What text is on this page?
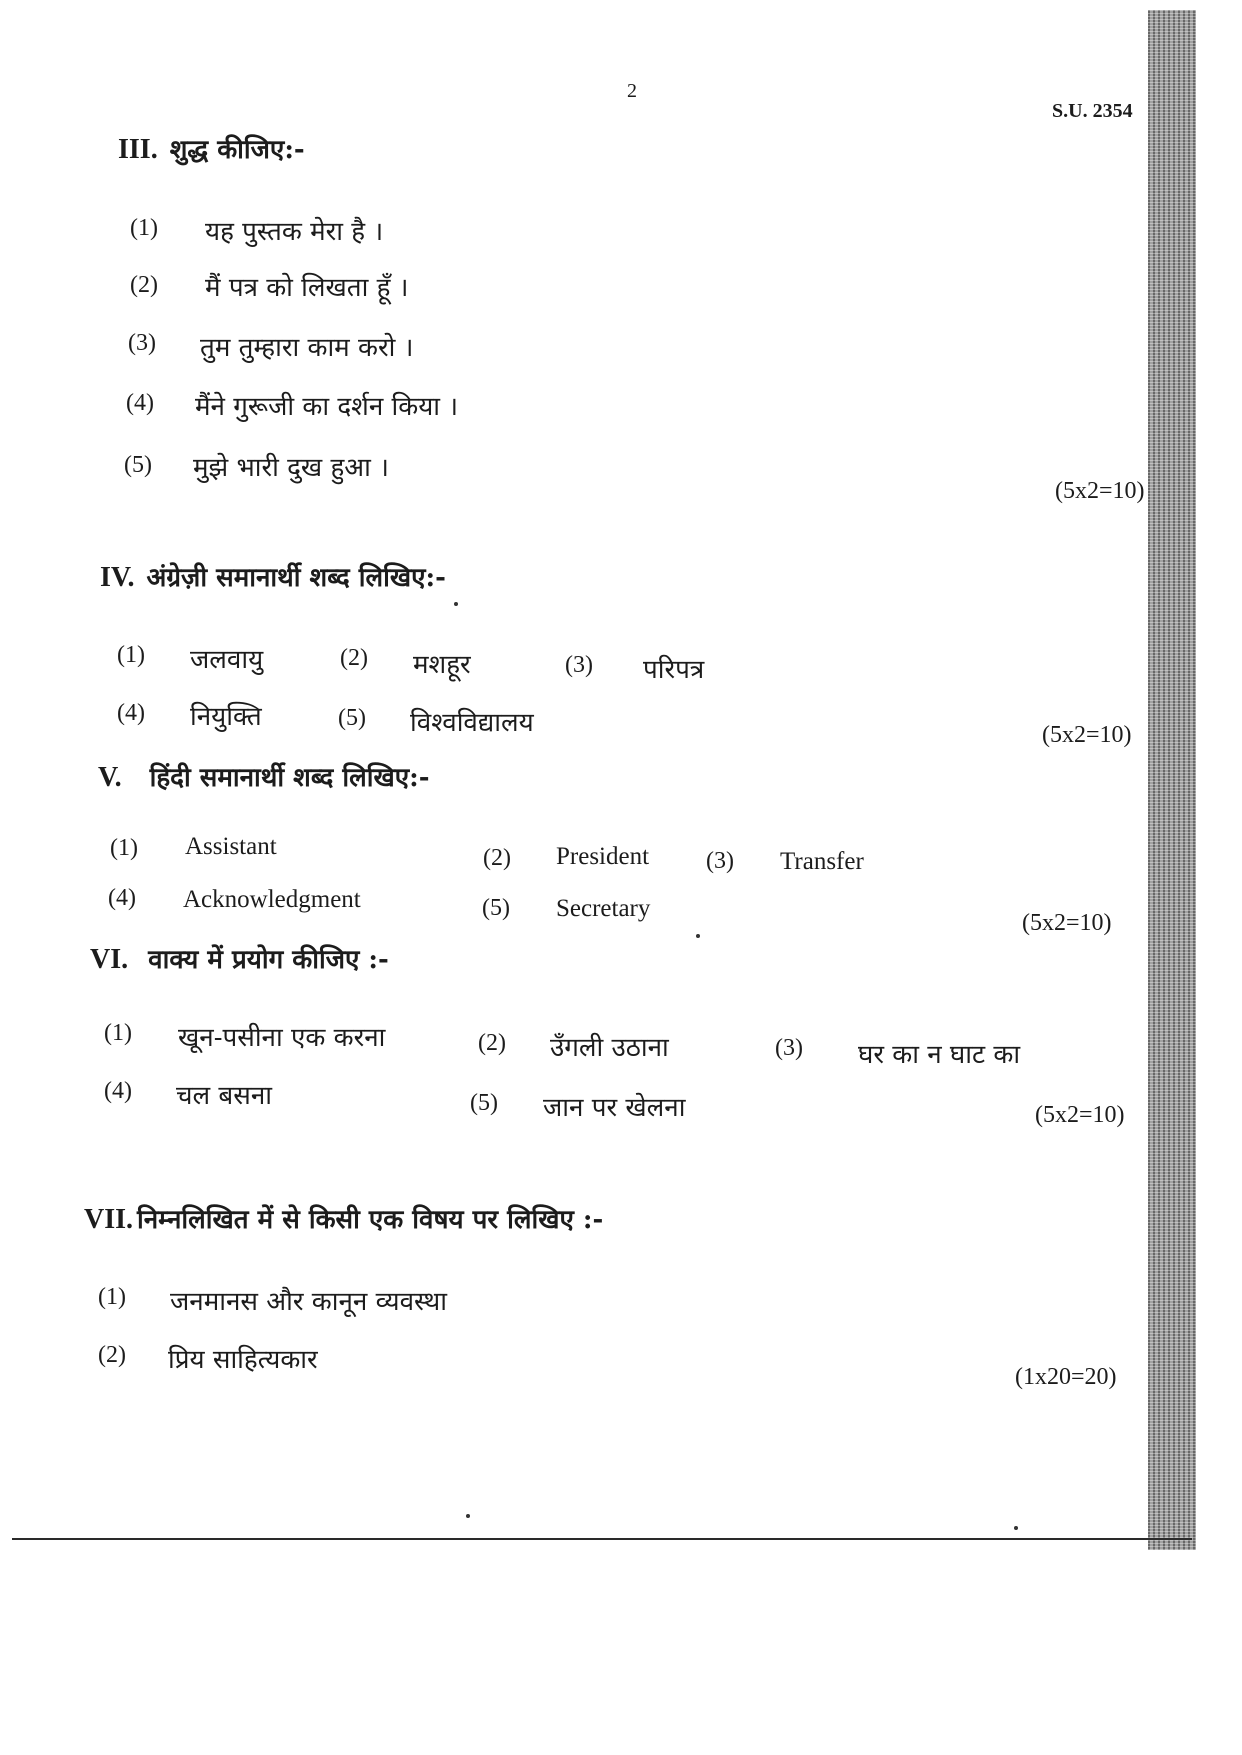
2
S.U. 2354
III. शुद्ध कीजिए:-
(1) यह पुस्तक मेरा है ।
(2) मैं पत्र को लिखता हूँ ।
(3) तुम तुम्हारा काम करो ।
(4) मैंने गुरूजी का दर्शन किया ।
(5) मुझे भारी दुख हुआ ।
(5x2=10)
IV. अंग्रेज़ी समानार्थी शब्द लिखिए:-
(1) जलवायु	(2) मशहूर	(3) परिपत्र
(4) नियुक्ति	(5) विश्वविद्यालय	(5x2=10)
V. हिंदी समानार्थी शब्द लिखिए:-
(1) Assistant	(2) President (3) Transfer
(4) Acknowledgment	(5) Secretary
(5x2=10)
VI. वाक्य में प्रयोग कीजिए :-
(1) खून-पसीना एक करना	(2) उँगली उठाना	(3) घर का न घाट का
(4) चल बसना	(5) जान पर खेलना	(5x2=10)
VII. निम्नलिखित में से किसी एक विषय पर लिखिए :-
(1) जनमानस और कानून व्यवस्था
(2) प्रिय साहित्यकार
(1x20=20)
